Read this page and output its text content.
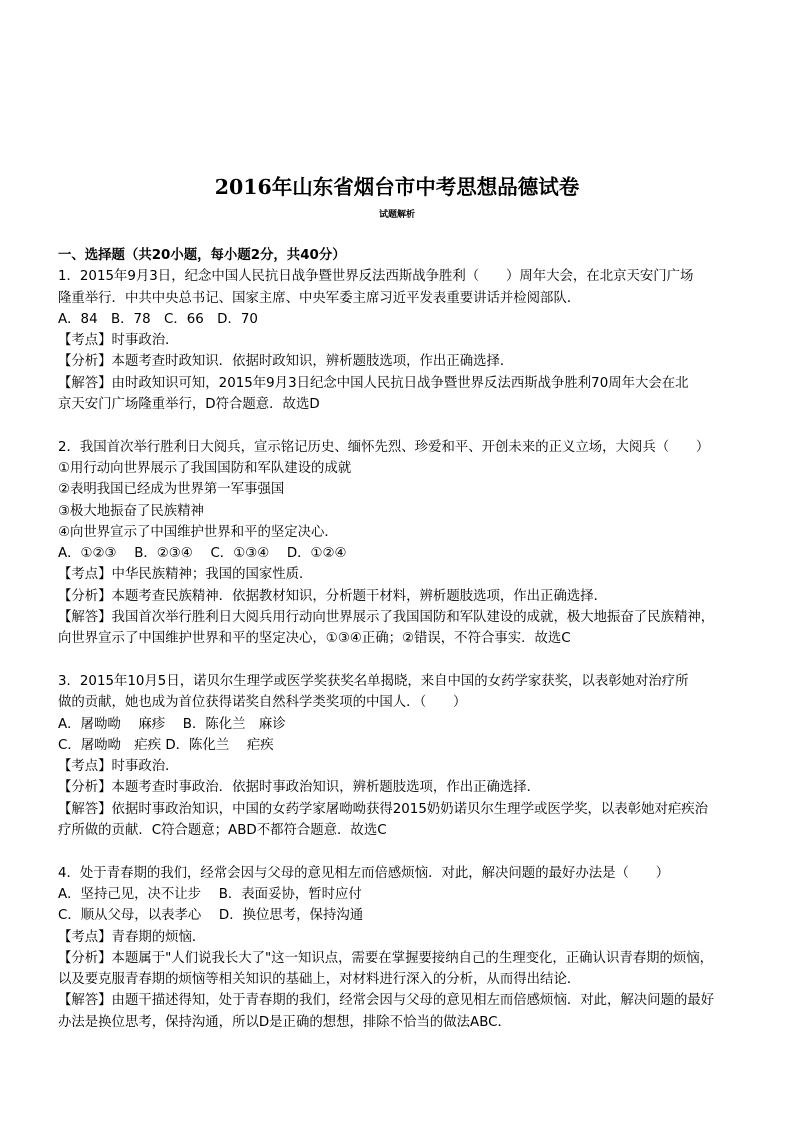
2016年山东省烟台市中考思想品德试卷
试题解析
一、选择题（共20小题，每小题2分，共40分）
1．2015年9月3日，纪念中国人民抗日战争暨世界反法西斯战争胜利（　　）周年大会，在北京天安门广场
隆重举行．中共中央总书记、国家主席、中央军委主席习近平发表重要讲话并检阅部队．
A．84　B．78　C．66　D．70
【考点】时事政治．
【分析】本题考查时政知识．依据时政知识，辨析题肢选项，作出正确选择．
【解答】由时政知识可知，2015年9月3日纪念中国人民抗日战争暨世界反法西斯战争胜利70周年大会在北
京天安门广场隆重举行，D符合题意．故选D
2．我国首次举行胜利日大阅兵，宣示铭记历史、缅怀先烈、珍爱和平、开创未来的正义立场，大阅兵（　　）
①用行动向世界展示了我国国防和军队建设的成就
②表明我国已经成为世界第一军事强国
③极大地振奋了民族精神
④向世界宣示了中国维护世界和平的坚定决心．
A．①②③　 B．②③④　 C．①③④　 D．①②④
【考点】中华民族精神；我国的国家性质．
【分析】本题考查民族精神．依据教材知识，分析题干材料，辨析题肢选项，作出正确选择．
【解答】我国首次举行胜利日大阅兵用行动向世界展示了我国国防和军队建设的成就，极大地振奋了民族精神，
向世界宣示了中国维护世界和平的坚定决心，①③④正确；②错误，不符合事实．故选C
3．2015年10月5日，诺贝尔生理学或医学奖获奖名单揭晓，来自中国的女药学家获奖，以表彰她对治疗所
做的贡献，她也成为首位获得诺奖自然科学类奖项的中国人．（　　）
A．屠呦呦　 麻疹　 B．陈化兰　麻诊
C．屠呦呦　疟疾 D．陈化兰　 疟疾
【考点】时事政治．
【分析】本题考查时事政治．依据时事政治知识，辨析题肢选项，作出正确选择．
【解答】依据时事政治知识，中国的女药学家屠呦呦获得2015奶奶诺贝尔生理学或医学奖，以表彰她对疟疾治
疗所做的贡献．C符合题意；ABD不都符合题意．故选C
4．处于青春期的我们，经常会因与父母的意见相左而倍感烦恼．对此，解决问题的最好办法是（　　）
A．坚持己见，决不让步　 B．表面妥协，暂时应付
C．顺从父母，以表孝心　 D．换位思考，保持沟通
【考点】青春期的烦恼．
【分析】本题属于"人们说我长大了"这一知识点，需要在掌握要接纳自己的生理变化，正确认识青春期的烦恼，
以及要克服青春期的烦恼等相关知识的基础上，对材料进行深入的分析，从而得出结论．
【解答】由题干描述得知，处于青春期的我们，经常会因与父母的意见相左而倍感烦恼．对此，解决问题的最好
办法是换位思考，保持沟通，所以D是正确的想想，排除不恰当的做法ABC．
